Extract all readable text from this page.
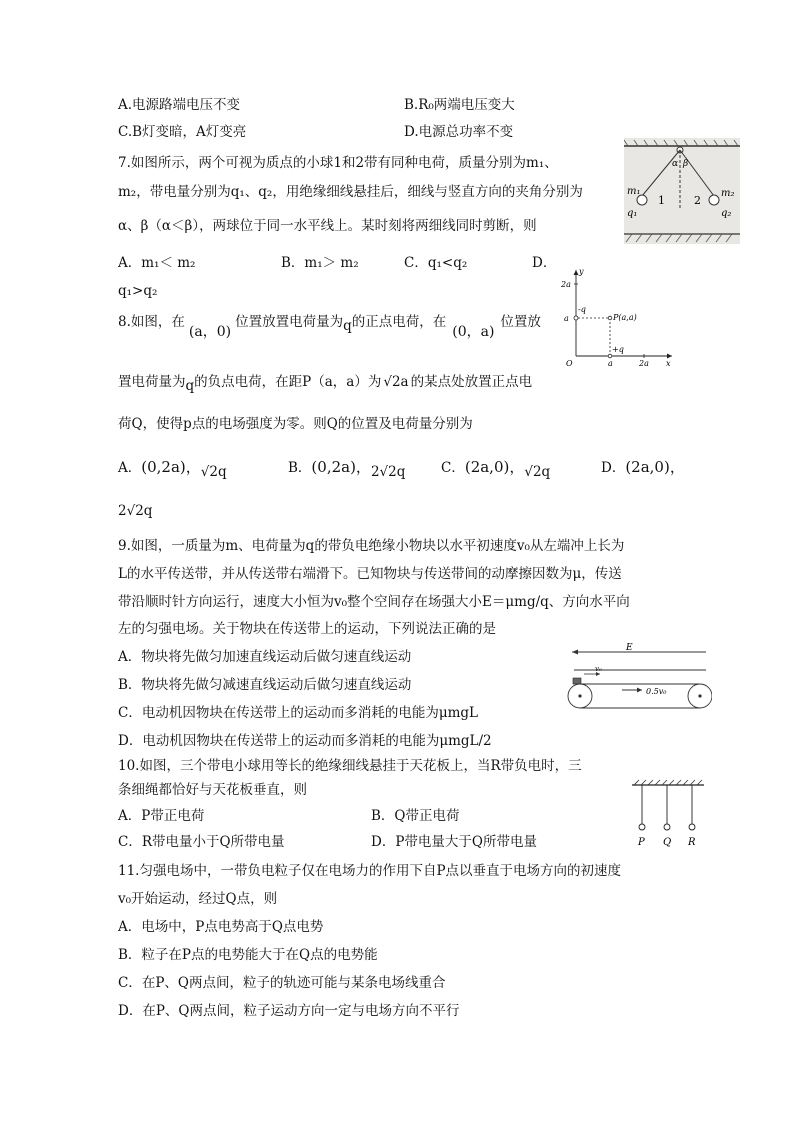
A.电源路端电压不变	B.R₀两端电压变大
C.B灯变暗，A灯变亮	D.电源总功率不变
7.如图所示，两个可视为质点的小球1和2带有同种电荷，质量分别为m₁、
m₂，带电量分别为q₁、q₂，用绝缘细线悬挂后，细线与竖直方向的夹角分别为
α、β（α＜β），两球位于同一水平线上。某时刻将两细线同时剪断，则
A．m₁＜ m₂	B．m₁＞ m₂	C．q₁<q₂	D．
q₁>q₂
α β
m₁
q₁
1	2
m₂
q₂
8.如图，在(a，0)位置放置电荷量为q的正点电荷，在(0，a)位置放
置电荷量为q的负点电荷，在距P（a，a）为 √2a 的某点处放置正点电
荷Q，使得p点的电场强度为零。则Q的位置及电荷量分别为
A．(0,2a)，√2q	B．(0,2a)，2√2q	C．(2a,0)，√2q	D．(2a,0)，
2√2q
y
x
2a
-q
a	P(a,a)
+q
O	a	2a
9.如图，一质量为m、电荷量为q的带负电绝缘小物块以水平初速度v₀从左端冲上长为
L的水平传送带，并从传送带右端滑下。已知物块与传送带间的动摩擦因数为μ，传送
带沿顺时针方向运行，速度大小恒为v₀整个空间存在场强大小E＝μmg/q、方向水平向
左的匀强电场。关于物块在传送带上的运动，下列说法正确的是
A．物块将先做匀加速直线运动后做匀速直线运动
B．物块将先做匀减速直线运动后做匀速直线运动
C．电动机因物块在传送带上的运动而多消耗的电能为μmgL
D．电动机因物块在传送带上的运动而多消耗的电能为μmgL/2
E
v₀
0.5v₀
10.如图，三个带电小球用等长的绝缘细线悬挂于天花板上，当R带负电时，三
条细绳都恰好与天花板垂直，则
A．P带正电荷	B．Q带正电荷
C．R带电量小于Q所带电量	D．P带电量大于Q所带电量	P Q R
11.匀强电场中，一带负电粒子仅在电场力的作用下自P点以垂直于电场方向的初速度
v₀开始运动，经过Q点，则
A．电场中，P点电势高于Q点电势
B．粒子在P点的电势能大于在Q点的电势能
C．在P、Q两点间，粒子的轨迹可能与某条电场线重合
D．在P、Q两点间，粒子运动方向一定与电场方向不平行
